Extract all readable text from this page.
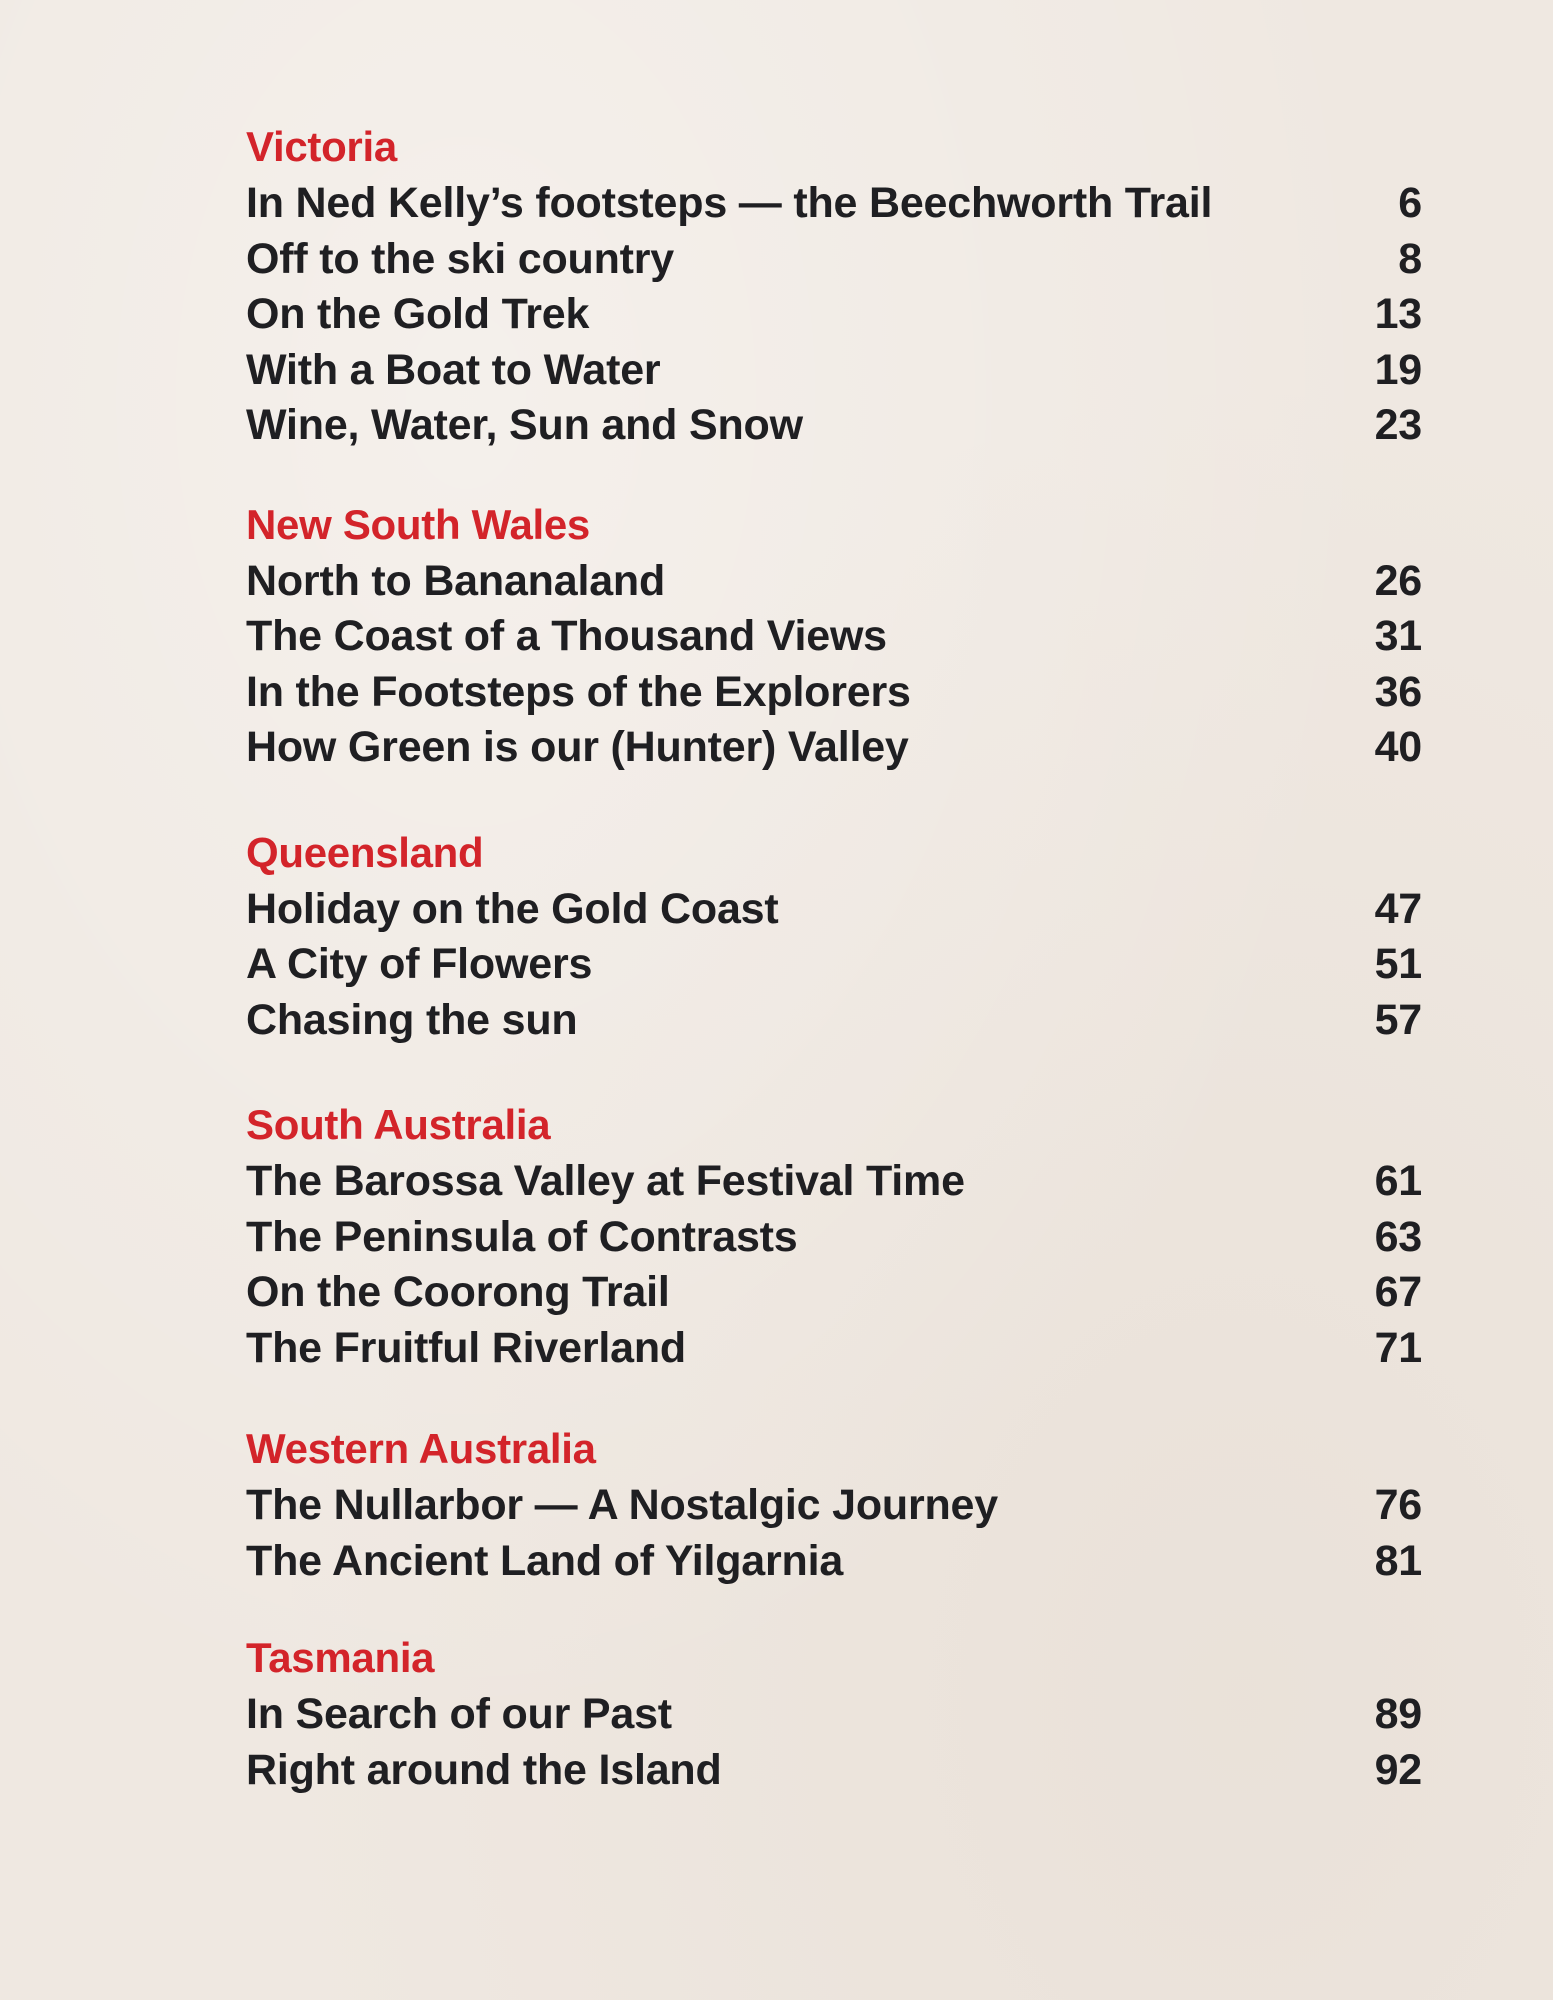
Victoria
In Ned Kelly’s footsteps — the Beechworth Trail	6
Off to the ski country	8
On the Gold Trek	13
With a Boat to Water	19
Wine, Water, Sun and Snow	23
New South Wales
North to Bananaland	26
The Coast of a Thousand Views	31
In the Footsteps of the Explorers	36
How Green is our (Hunter) Valley	40
Queensland
Holiday on the Gold Coast	47
A City of Flowers	51
Chasing the sun	57
South Australia
The Barossa Valley at Festival Time	61
The Peninsula of Contrasts	63
On the Coorong Trail	67
The Fruitful Riverland	71
Western Australia
The Nullarbor — A Nostalgic Journey	76
The Ancient Land of Yilgarnia	81
Tasmania
In Search of our Past	89
Right around the Island	92
